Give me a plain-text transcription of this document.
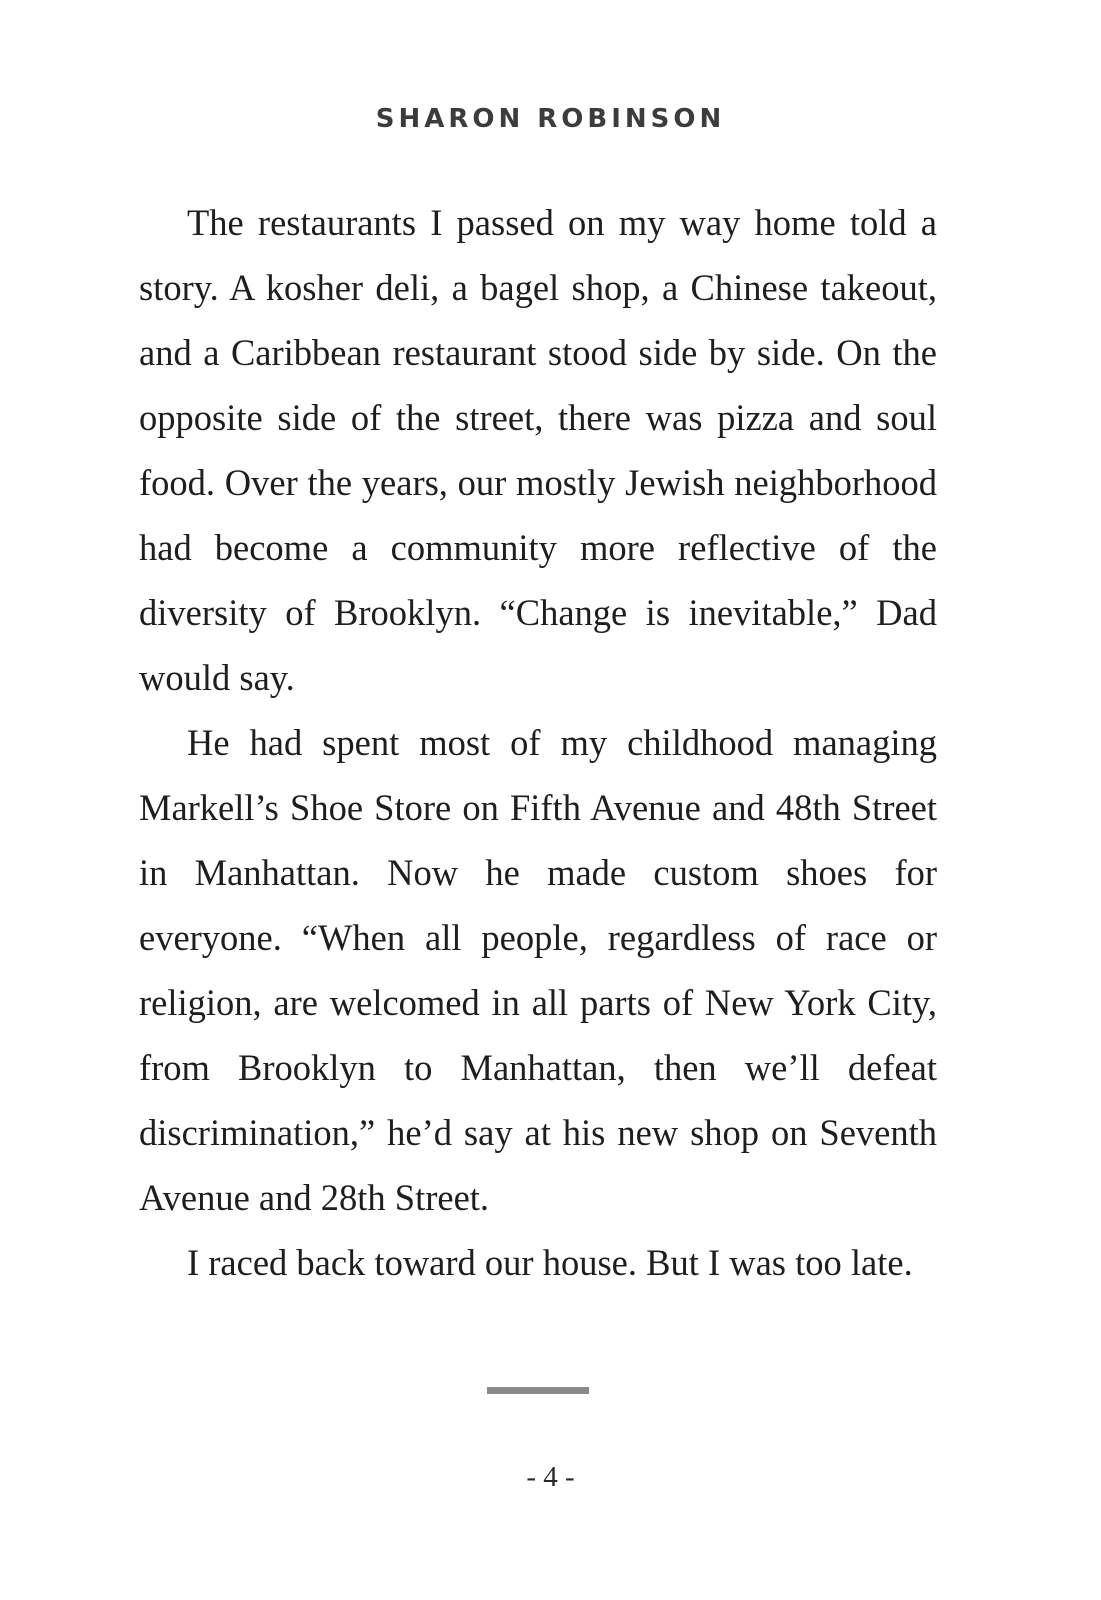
SHARON ROBINSON

The restaurants I passed on my way home told a story. A kosher deli, a bagel shop, a Chinese takeout, and a Caribbean restaurant stood side by side. On the opposite side of the street, there was pizza and soul food. Over the years, our mostly Jewish neighborhood had become a community more reflective of the diversity of Brooklyn. “Change is inevitable,” Dad would say.

He had spent most of my childhood managing Markell’s Shoe Store on Fifth Avenue and 48th Street in Manhattan. Now he made custom shoes for everyone. “When all people, regardless of race or religion, are welcomed in all parts of New York City, from Brooklyn to Manhattan, then we’ll defeat discrimination,” he’d say at his new shop on Seventh Avenue and 28th Street.

I raced back toward our house. But I was too late.

- 4 -
